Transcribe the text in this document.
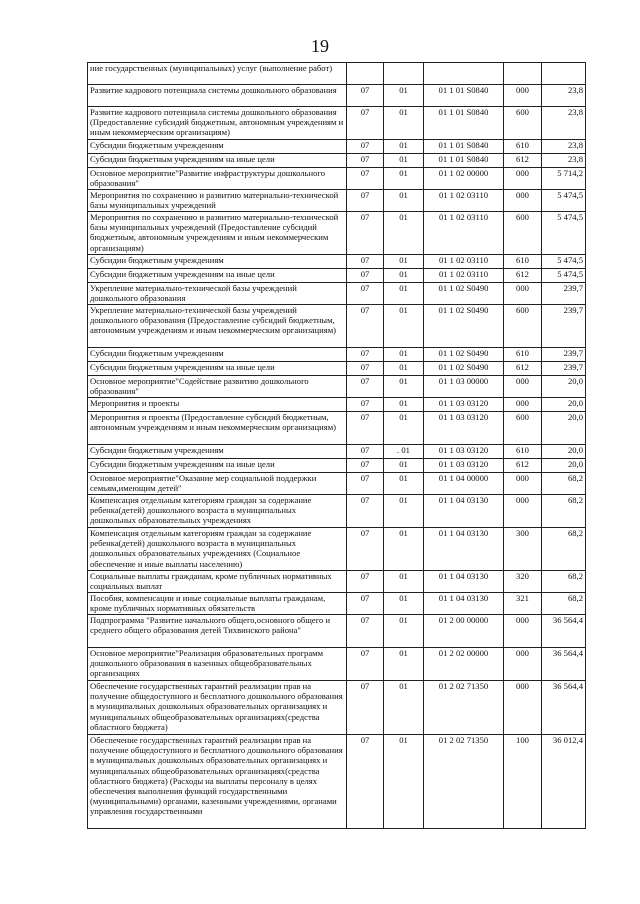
19
ние государственных (муниципальных) услуг (выполнение работ)					
Развитие кадрового потенциала системы дошкольного образования	07	01	01 1 01 S0840	000	23,8
Развитие кадрового потенциала системы дошкольного образования (Предоставление субсидий бюджетным, автономным учреждениям и иным некоммерческим организациям)	07	01	01 1 01 S0840	600	23,8
Субсидии бюджетным учреждениям	07	01	01 1 01 S0840	610	23,8
Субсидии бюджетным учреждениям на иные цели	07	01	01 1 01 S0840	612	23,8
Основное мероприятие"Развитие инфраструктуры дошкольного образования"	07	01	01 1 02 00000	000	5 714,2
Мероприятия по сохранению и развитию материально-технической базы муниципальных учреждений	07	01	01 1 02 03110	000	5 474,5
Мероприятия по сохранению и развитию материально-технической базы муниципальных учреждений (Предоставление субсидий бюджетным, автономным учреждениям и иным некоммерческим организациям)	07	01	01 1 02 03110	600	5 474,5
Субсидии бюджетным учреждениям	07	01	01 1 02 03110	610	5 474,5
Субсидии бюджетным учреждениям на иные цели	07	01	01 1 02 03110	612	5 474,5
Укрепление материально-технической базы учреждений дошкольного образования	07	01	01 1 02 S0490	000	239,7
Укрепление материально-технической базы учреждений дошкольного образования (Предоставление субсидий бюджетным, автономным учреждениям и иным некоммерческим организациям)	07	01	01 1 02 S0490	600	239,7
Субсидии бюджетным учреждениям	07	01	01 1 02 S0490	610	239,7
Субсидии бюджетным учреждениям на иные цели	07	01	01 1 02 S0490	612	239,7
Основное мероприятие"Содействие развитию дошкольного образования"	07	01	01 1 03 00000	000	20,0
Мероприятия и проекты	07	01	01 1 03 03120	000	20,0
Мероприятия и проекты (Предоставление субсидий бюджетным, автономным учреждениям и иным некоммерческим организациям)	07	01	01 1 03 03120	600	20,0
Субсидии бюджетным учреждениям	07	. 01	01 1 03 03120	610	20,0
Субсидии бюджетным учреждениям на иные цели	07	01	01 1 03 03120	612	20,0
Основное мероприятие"Оказание мер социальной поддержки семьям,имеющим детей"	07	01	01 1 04 00000	000	68,2
Компенсация отдельным категориям граждан за содержание ребенка(детей) дошкольного возраста в муниципальных дошкольных образовательных учреждениях	07	01	01 1 04 03130	000	68,2
Компенсация отдельным категориям граждан за содержание ребенка(детей) дошкольного возраста в муниципальных дошкольных образовательных учреждениях (Социальное обеспечение и иные выплаты населению)	07	01	01 1 04 03130	300	68,2
Социальные выплаты гражданам, кроме публичных нормативных социальных выплат	07	01	01 1 04 03130	320	68,2
Пособия, компенсации и иные социальные выплаты гражданам, кроме публичных нормативных обязательств	07	01	01 1 04 03130	321	68,2
Подпрограмма "Развитие начального общего,основного общего и среднего общего образования детей Тихвинского района"	07	01	01 2 00 00000	000	36 564,4
Основное мероприятие"Реализация образовательных программ дошкольного образования в казенных общеобразовательных организациях	07	01	01 2 02 00000	000	36 564,4
Обеспечение государственных гарантий реализации прав на получение общедоступного и бесплатного дошкольного образования в муниципальных дошкольных образовательных организациях и муниципальных общеобразовательных организациях(средства областного бюджета)	07	01	01 2 02 71350	000	36 564,4
Обеспечение государственных гарантий реализации прав на получение общедоступного и бесплатного дошкольного образования в муниципальных дошкольных образовательных организациях и муниципальных общеобразовательных организациях(средства областного бюджета) (Расходы на выплаты персоналу в целях обеспечения выполнения функций государственными (муниципальными) органами, казенными учреждениями, органами управления государственными	07	01	01 2 02 71350	100	36 012,4
